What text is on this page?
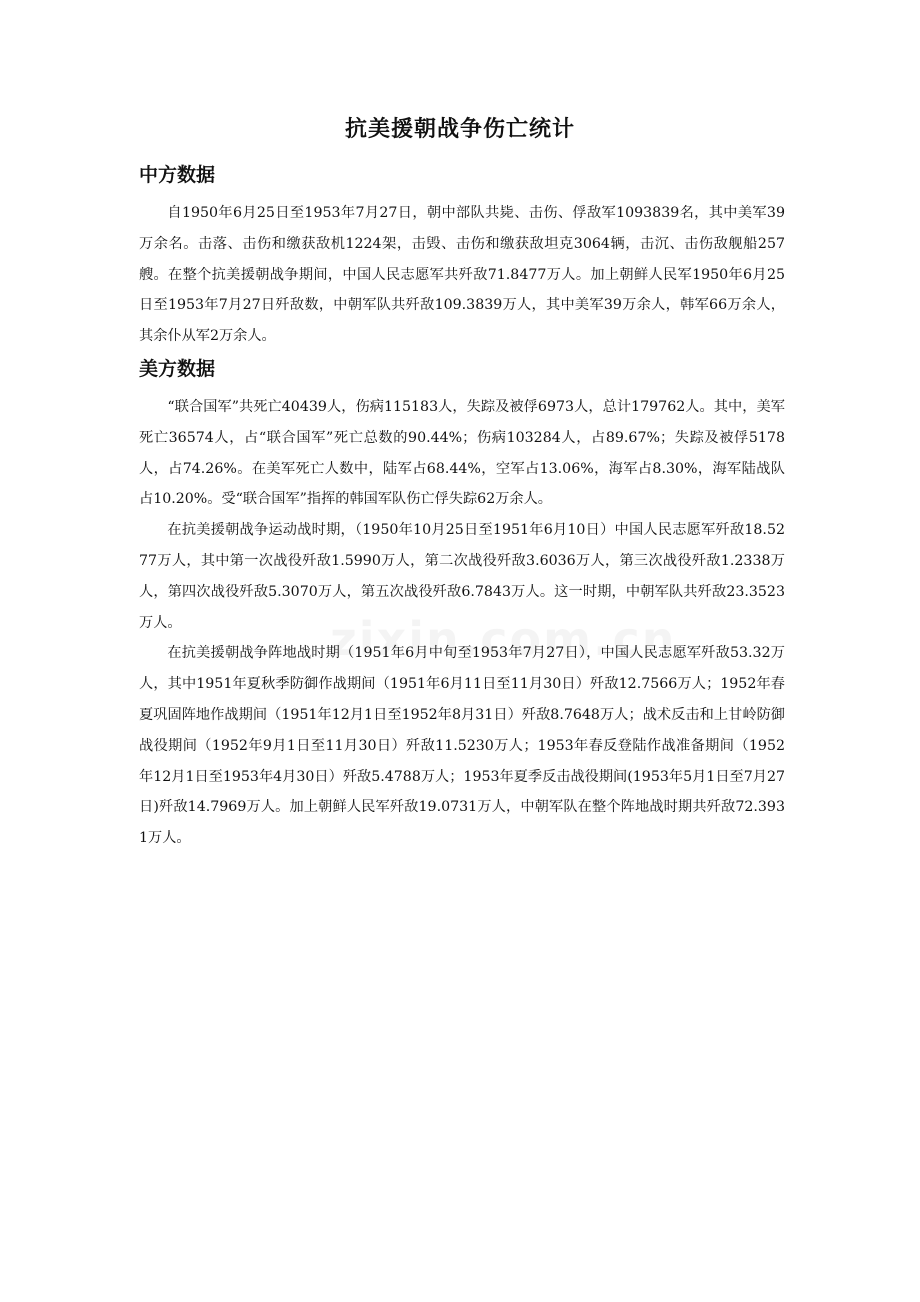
抗美援朝战争伤亡统计
中方数据

自1950年6月25日至1953年7月27日，朝中部队共毙、击伤、俘敌军1093839名，其中美军39万余名。击落、击伤和缴获敌机1224架，击毁、击伤和缴获敌坦克3064辆，击沉、击伤敌舰船257艘。在整个抗美援朝战争期间，中国人民志愿军共歼敌71.8477万人。加上朝鲜人民军1950年6月25日至1953年7月27日歼敌数，中朝军队共歼敌109.3839万人，其中美军39万余人，韩军66万余人，其余仆从军2万余人。

美方数据

“联合国军”共死亡40439人，伤病115183人，失踪及被俘6973人，总计179762人。其中，美军死亡36574人，占“联合国军”死亡总数的90.44%；伤病103284人，占89.67%；失踪及被俘5178人，占74.26%。在美军死亡人数中，陆军占68.44%，空军占13.06%，海军占8.30%，海军陆战队占10.20%。受“联合国军”指挥的韩国军队伤亡俘失踪62万余人。

在抗美援朝战争运动战时期，（1950年10月25日至1951年6月10日）中国人民志愿军歼敌18.5277万人，其中第一次战役歼敌1.5990万人，第二次战役歼敌3.6036万人，第三次战役歼敌1.2338万人，第四次战役歼敌5.3070万人，第五次战役歼敌6.7843万人。这一时期，中朝军队共歼敌23.3523万人。

在抗美援朝战争阵地战时期（1951年6月中旬至1953年7月27日），中国人民志愿军歼敌53.32万人，其中1951年夏秋季防御作战期间（1951年6月11日至11月30日）歼敌12.7566万人；1952年春夏巩固阵地作战期间（1951年12月1日至1952年8月31日）歼敌8.7648万人；战术反击和上甘岭防御战役期间（1952年9月1日至11月30日）歼敌11.5230万人；1953年春反登陆作战准备期间（1952年12月1日至1953年4月30日）歼敌5.4788万人；1953年夏季反击战役期间(1953年5月1日至7月27日)歼敌14.7969万人。加上朝鲜人民军歼敌19.0731万人，中朝军队在整个阵地战时期共歼敌72.3931万人。
